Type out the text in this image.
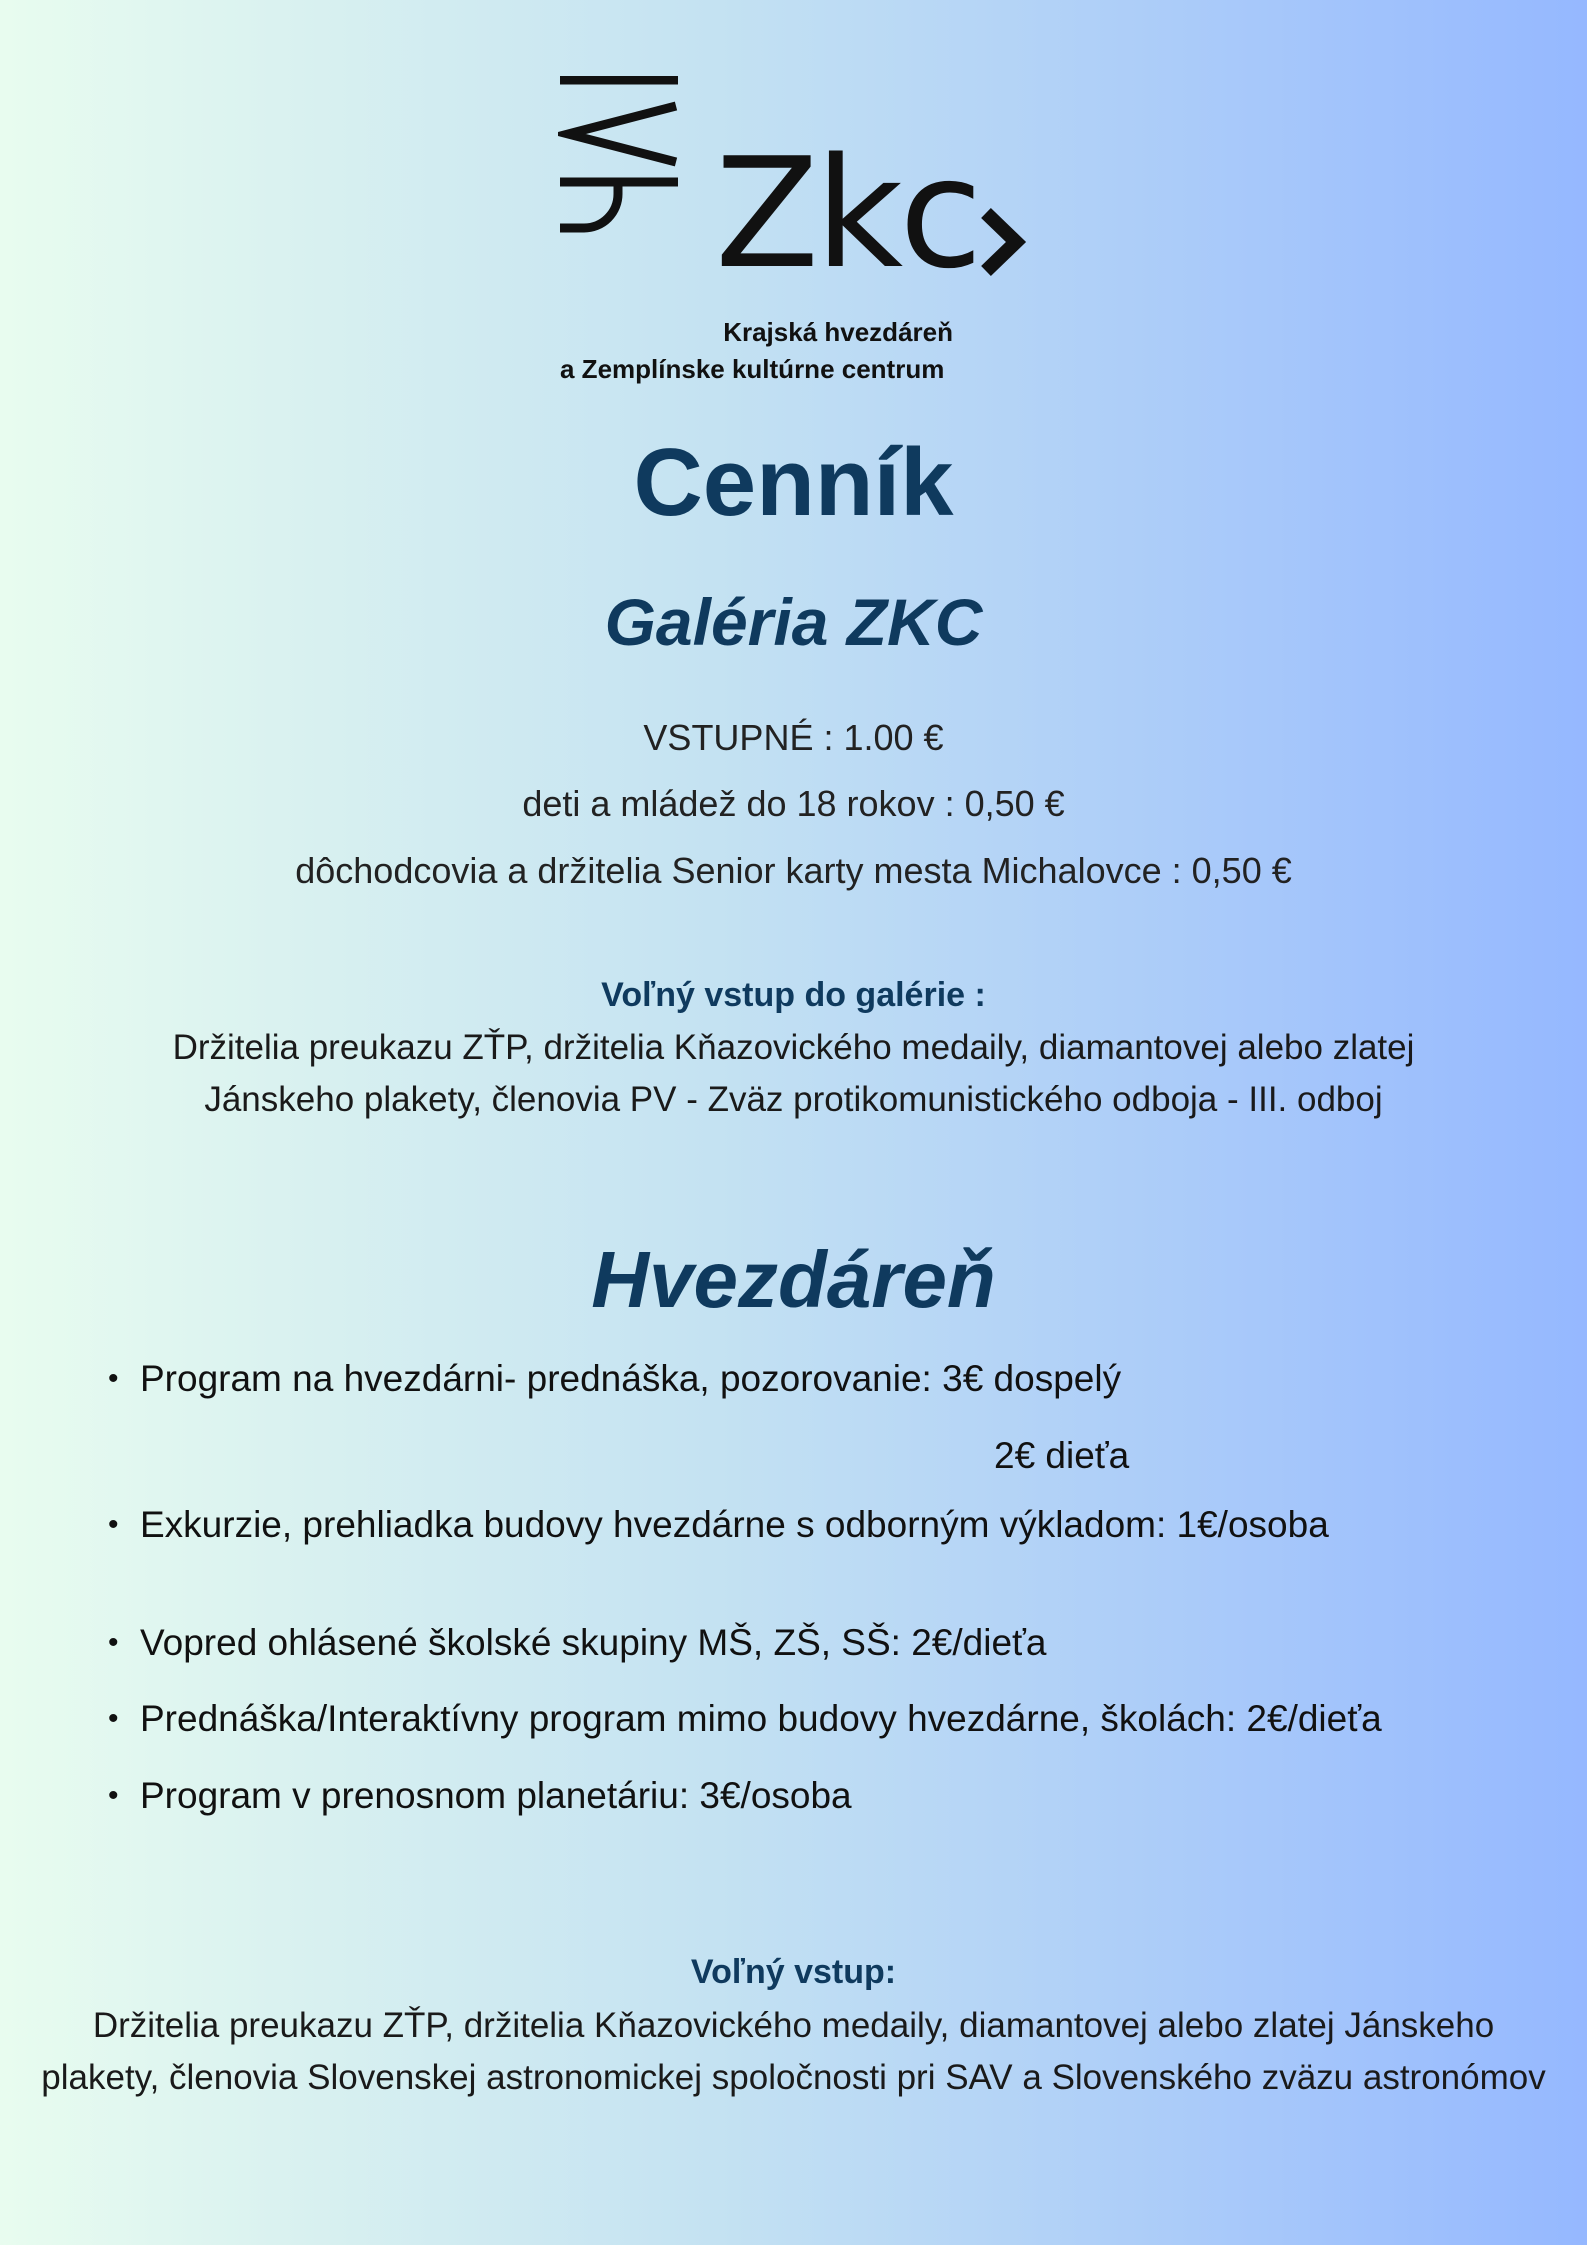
Zkc
Krajská hvezdáreň
a Zemplínske kultúrne centrum
Cenník
Galéria ZKC
VSTUPNÉ : 1.00 €
deti a mládež do 18 rokov : 0,50 €
dôchodcovia a držitelia Senior karty mesta Michalovce : 0,50 €
Voľný vstup do galérie :
Držitelia preukazu ZŤP, držitelia Kňazovického medaily, diamantovej alebo zlatej Jánskeho plakety, členovia PV - Zväz protikomunistického odboja - III. odboj
Hvezdáreň
• Program na hvezdárni- prednáška, pozorovanie: 3€ dospelý
2€ dieťa
• Exkurzie, prehliadka budovy hvezdárne s odborným výkladom: 1€/osoba
• Vopred ohlásené školské skupiny MŠ, ZŠ, SŠ: 2€/dieťa
• Prednáška/Interaktívny program mimo budovy hvezdárne, školách: 2€/dieťa
• Program v prenosnom planetáriu: 3€/osoba
Voľný vstup:
Držitelia preukazu ZŤP, držitelia Kňazovického medaily, diamantovej alebo zlatej Jánskeho plakety, členovia Slovenskej astronomickej spoločnosti pri SAV a Slovenského zväzu astronómov
